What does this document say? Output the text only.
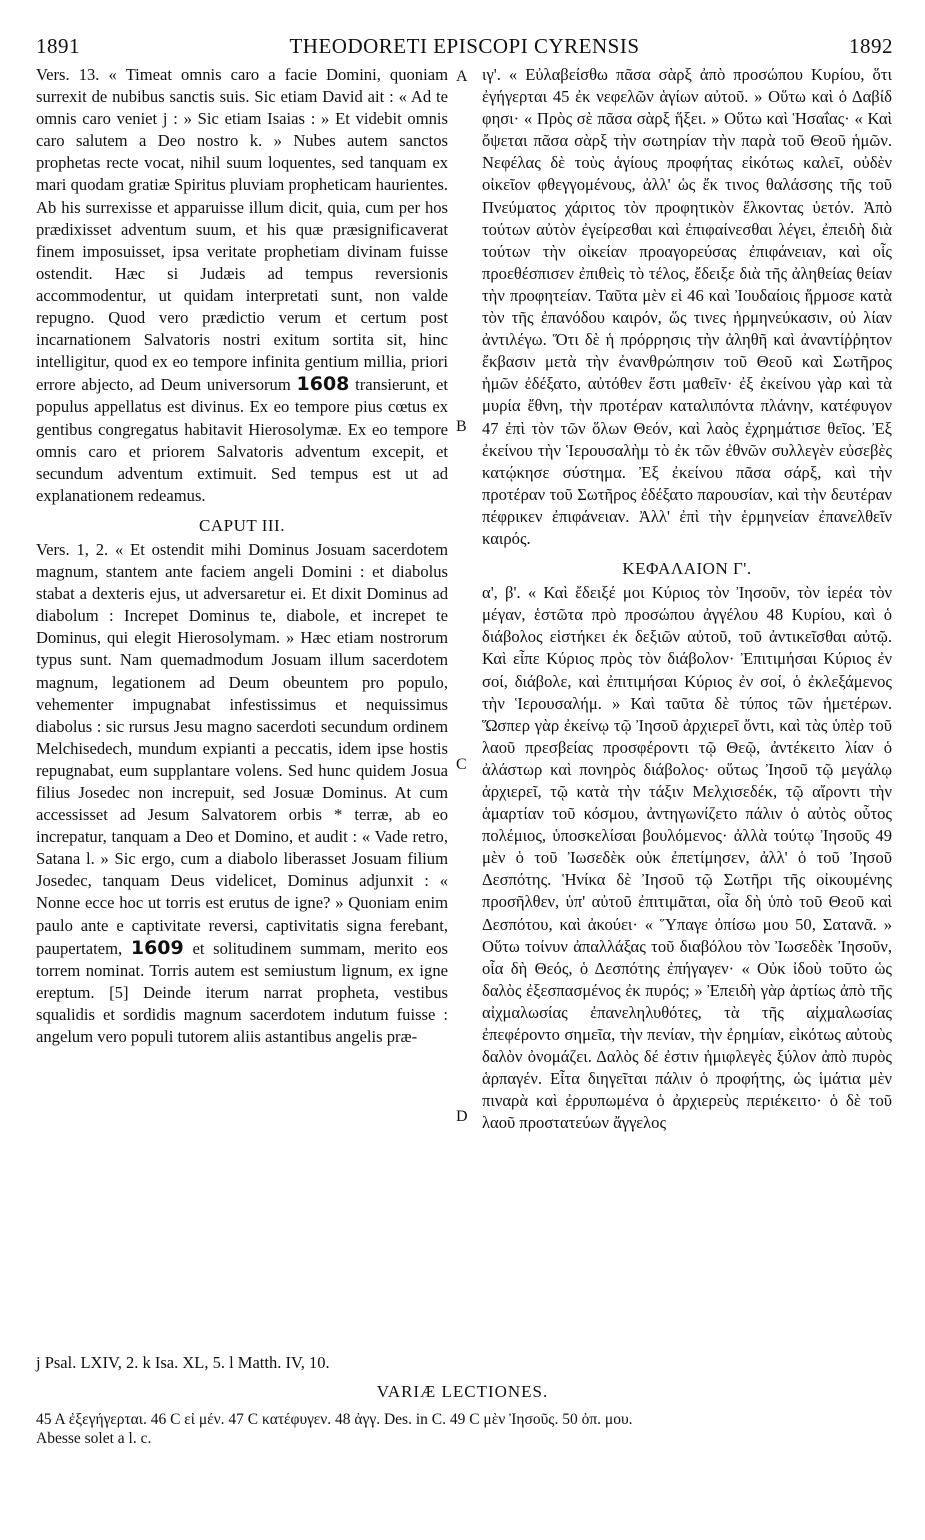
1891	THEODORETI EPISCOPI CYRENSIS	1892
A
B
C
D

Vers. 13. « Timeat omnis caro a facie Domini, quoniam surrexit de nubibus sanctis suis. Sic etiam David ait : « Ad te omnis caro veniet j : » Sic etiam Isaias : » Et videbit omnis caro salutem a Deo nostro k. » Nubes autem sanctos prophetas recte vocat, nihil suum loquentes, sed tanquam ex mari quodam gratiæ Spiritus pluviam propheticam haurientes. Ab his surrexisse et apparuisse illum dicit, quia, cum per hos prædixisset adventum suum, et his quæ præsignificaverat finem imposuisset, ipsa veritate prophetiam divinam fuisse ostendit. Hæc si Judæis ad tempus reversionis accommodentur, ut quidam interpretati sunt, non valde repugno. Quod vero prædictio verum et certum post incarnationem Salvatoris nostri exitum sortita sit, hinc intelligitur, quod ex eo tempore infinita gentium millia, priori errore abjecto, ad Deum universorum 1608 transierunt, et populus appellatus est divinus. Ex eo tempore pius cœtus ex gentibus congregatus habitavit Hierosolymæ. Ex eo tempore omnis caro et priorem Salvatoris adventum excepit, et secundum adventum extimuit. Sed tempus est ut ad explanationem redeamus.

CAPUT III.

Vers. 1, 2. « Et ostendit mihi Dominus Josuam sacerdotem magnum, stantem ante faciem angeli Domini : et diabolus stabat a dexteris ejus, ut adversaretur ei. Et dixit Dominus ad diabolum : Increpet Dominus te, diabole, et increpet te Dominus, qui elegit Hierosolymam. » Hæc etiam nostrorum typus sunt. Nam quemadmodum Josuam illum sacerdotem magnum, legationem ad Deum obeuntem pro populo, vehementer impugnabat infestissimus et nequissimus diabolus : sic rursus Jesu magno sacerdoti secundum ordinem Melchisedech, mundum expianti a peccatis, idem ipse hostis repugnabat, eum supplantare volens. Sed hunc quidem Josua filius Josedec non increpuit, sed Josuæ Dominus. At cum accessisset ad Jesum Salvatorem orbis * terræ, ab eo increpatur, tanquam a Deo et Domino, et audit : « Vade retro, Satana l. » Sic ergo, cum a diabolo liberasset Josuam filium Josedec, tanquam Deus videlicet, Dominus adjunxit : « Nonne ecce hoc ut torris est erutus de igne? » Quoniam enim paulo ante e captivitate reversi, captivitatis signa ferebant, paupertatem, 1609 et solitudinem summam, merito eos torrem nominat. Torris autem est semiustum lignum, ex igne ereptum. [5] Deinde iterum narrat propheta, vestibus squalidis et sordidis magnum sacerdotem indutum fuisse : angelum vero populi tutorem aliis astantibus angelis præ-

ιγ'. « Εὐλαβείσθω πᾶσα σὰρξ ἀπὸ προσώπου Κυρίου, ὅτι ἐγήγερται 45 ἐκ νεφελῶν ἁγίων αὐτοῦ. » Οὕτω καὶ ὁ Δαβίδ φησι· « Πρὸς σὲ πᾶσα σὰρξ ἥξει. » Οὕτω καὶ Ἡσαΐας· « Καὶ ὄψεται πᾶσα σὰρξ τὴν σωτηρίαν τὴν παρὰ τοῦ Θεοῦ ἡμῶν. Νεφέλας δὲ τοὺς ἁγίους προφήτας εἰκότως καλεῖ, οὐδὲν οἰκεῖον φθεγγομένους, ἀλλ' ὡς ἔκ τινος θαλάσσης τῆς τοῦ Πνεύματος χάριτος τὸν προφητικὸν ἕλκοντας ὑετόν. Ἀπὸ τούτων αὐτὸν ἐγείρεσθαι καὶ ἐπιφαίνεσθαι λέγει, ἐπειδὴ διὰ τούτων τὴν οἰκείαν προαγορεύσας ἐπιφάνειαν, καὶ οἷς προεθέσπισεν ἐπιθεὶς τὸ τέλος, ἔδειξε διὰ τῆς ἀληθείας θείαν τὴν προφητείαν. Ταῦτα μὲν εἰ 46 καὶ Ἰουδαίοις ἥρμοσε κατὰ τὸν τῆς ἐπανόδου καιρόν, ὥς τινες ἡρμηνεύκασιν, οὐ λίαν ἀντιλέγω. Ὅτι δὲ ἡ πρόρρησις τὴν ἀληθῆ καὶ ἀναντίῤῥητον ἔκβασιν μετὰ τὴν ἐνανθρώπησιν τοῦ Θεοῦ καὶ Σωτῆρος ἡμῶν ἐδέξατο, αὐτόθεν ἔστι μαθεῖν· ἐξ ἐκείνου γὰρ καὶ τὰ μυρία ἔθνη, τὴν προτέραν καταλιπόντα πλάνην, κατέφυγον 47 ἐπὶ τὸν τῶν ὅλων Θεόν, καὶ λαὸς ἐχρημάτισε θεῖος. Ἐξ ἐκείνου τὴν Ἱερουσαλὴμ τὸ ἐκ τῶν ἐθνῶν συλλεγὲν εὐσεβὲς κατῴκησε σύστημα. Ἐξ ἐκείνου πᾶσα σάρξ, καὶ τὴν προτέραν τοῦ Σωτῆρος ἐδέξατο παρουσίαν, καὶ τὴν δευτέραν πέφρικεν ἐπιφάνειαν. Ἀλλ' ἐπὶ τὴν ἑρμηνείαν ἐπανελθεῖν καιρός.

ΚΕΦΑΛΑΙΟΝ Γ'.

α', β'. « Καὶ ἔδειξέ μοι Κύριος τὸν Ἰησοῦν, τὸν ἱερέα τὸν μέγαν, ἑστῶτα πρὸ προσώπου ἀγγέλου 48 Κυρίου, καὶ ὁ διάβολος εἱστήκει ἐκ δεξιῶν αὐτοῦ, τοῦ ἀντικεῖσθαι αὐτῷ. Καὶ εἶπε Κύριος πρὸς τὸν διάβολον· Ἐπιτιμήσαι Κύριος ἐν σοί, διάβολε, καὶ ἐπιτιμήσαι Κύριος ἐν σοί, ὁ ἐκλεξάμενος τὴν Ἱερουσαλήμ. » Καὶ ταῦτα δὲ τύπος τῶν ἡμετέρων. Ὥσπερ γὰρ ἐκείνῳ τῷ Ἰησοῦ ἀρχιερεῖ ὄντι, καὶ τὰς ὑπὲρ τοῦ λαοῦ πρεσβείας προσφέροντι τῷ Θεῷ, ἀντέκειτο λίαν ὁ ἀλάστωρ καὶ πονηρὸς διάβολος· οὕτως Ἰησοῦ τῷ μεγάλῳ ἀρχιερεῖ, τῷ κατὰ τὴν τάξιν Μελχισεδέκ, τῷ αἴροντι τὴν ἁμαρτίαν τοῦ κόσμου, ἀντηγωνίζετο πάλιν ὁ αὐτὸς οὗτος πολέμιος, ὑποσκελίσαι βουλόμενος· ἀλλὰ τούτῳ Ἰησοῦς 49 μὲν ὁ τοῦ Ἰωσεδὲκ οὐκ ἐπετίμησεν, ἀλλ' ὁ τοῦ Ἰησοῦ Δεσπότης. Ἡνίκα δὲ Ἰησοῦ τῷ Σωτῆρι τῆς οἰκουμένης προσῆλθεν, ὑπ' αὐτοῦ ἐπιτιμᾶται, οἷα δὴ ὑπὸ τοῦ Θεοῦ καὶ Δεσπότου, καὶ ἀκούει· « Ὕπαγε ὀπίσω μου 50, Σατανᾶ. » Οὕτω τοίνυν ἀπαλλάξας τοῦ διαβόλου τὸν Ἰωσεδὲκ Ἰησοῦν, οἷα δὴ Θεός, ὁ Δεσπότης ἐπήγαγεν· « Οὐκ ἰδοὺ τοῦτο ὡς δαλὸς ἐξεσπασμένος ἐκ πυρός; » Ἐπειδὴ γὰρ ἀρτίως ἀπὸ τῆς αἰχμαλωσίας ἐπανεληλυθότες, τὰ τῆς αἰχμαλωσίας ἐπεφέροντο σημεῖα, τὴν πενίαν, τὴν ἐρημίαν, εἰκότως αὐτοὺς δαλὸν ὀνομάζει. Δαλὸς δέ ἐστιν ἡμιφλεγὲς ξύλον ἀπὸ πυρὸς ἁρπαγέν. Εἶτα διηγεῖται πάλιν ὁ προφήτης, ὡς ἱμάτια μὲν πιναρὰ καὶ ἐρρυπωμένα ὁ ἀρχιερεὺς περιέκειτο· ὁ δὲ τοῦ λαοῦ προστατεύων ἄγγελος

j Psal. LXIV, 2. k Isa. XL, 5. l Matth. IV, 10.
VARIÆ LECTIONES.
45 A ἐξεγήγερται. 46 C εἰ μέν. 47 C κατέφυγεν. 48 ἀγγ. Des. in C. 49 C μὲν Ἰησοῦς. 50 ὀπ. μου.
Abesse solet a l. c.
